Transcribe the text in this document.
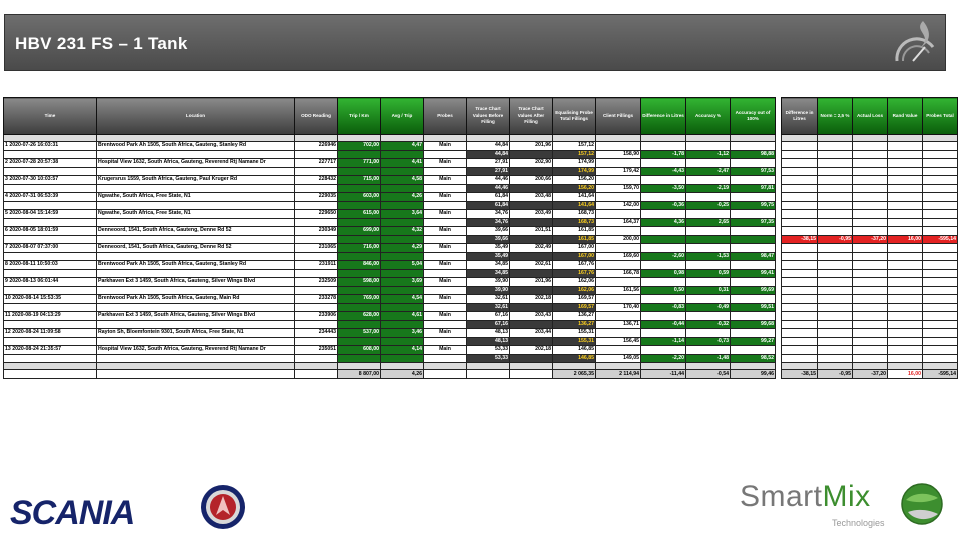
HBV 231 FS – 1 Tank
Time	Location	ODO Reading	Trip / Km	Avg / Trip	Probes	Trace Chart Values Before Filling	Trace Chart Values After Filling	Equalising Probe Total Fillings	Client Fillings	Difference in Litres	Accuracy %	Accuracy out of 100%

1 2020-07-26 16:03:31	Brentwood Park Ah 1505, South Africa, Gauteng, Stanley Rd	226946	702,00	4,47	Main	44,84	201,96	157,12				
						44,84		157,12	158,90	-1,78	-1,12	98,88
2 2020-07-28 20:57:38	Hospital View 1632, South Africa, Gauteng, Reverend Rtj Namane Dr	227717	771,00	4,41	Main	27,91	202,90	174,99				
						27,91		174,99	179,42	-4,43	-2,47	97,53
3 2020-07-30 10:03:57	Krugersrus 1559, South Africa, Gauteng, Paul Kruger Rd	228432	715,00	4,58	Main	44,46	200,66	156,20				
						44,46		156,20	159,70	-3,50	-2,19	97,81
4 2020-07-31 06:53:39	Ngwathe, South Africa, Free State, N1	229035	603,00	4,26	Main	61,84	203,48	141,64				
						61,84		141,64	142,00	-0,36	-0,25	99,75
5 2020-08-04 15:14:59	Ngwathe, South Africa, Free State, N1	229650	615,00	3,64	Main	34,76	203,49	168,73				
						34,76		168,73	164,37	4,36	2,65	97,35
6 2020-08-05 18:01:59	Denneoord, 1541, South Africa, Gauteng, Denne Rd 52	230349	699,00	4,32	Main	39,66	201,51	161,85				
						39,66		161,85	200,00			
7 2020-08-07 07:37:00	Denneoord, 1541, South Africa, Gauteng, Denne Rd 52	231065	716,00	4,29	Main	35,49	202,49	167,00				
						35,49		167,00	169,60	-2,60	-1,53	98,47
8 2020-08-11 10:50:03	Brentwood Park Ah 1505, South Africa, Gauteng, Stanley Rd	231911	846,00	5,04	Main	34,85	202,61	167,76				
						34,85		167,76	166,78	0,98	0,59	99,41
9 2020-08-13 06:01:44	Parkhaven Ext 3 1459, South Africa, Gauteng, Silver Wings Blvd	232509	598,00	3,69	Main	39,90	201,96	162,06				
						39,90		162,06	161,56	0,50	0,31	99,69
10 2020-08-14 15:53:35	Brentwood Park Ah 1505, South Africa, Gauteng, Main Rd	233278	769,00	4,54	Main	32,61	202,18	169,57				
						32,61		169,57	170,40	-0,83	-0,49	99,51
11 2020-08-19 04:13:29	Parkhaven Ext 3 1459, South Africa, Gauteng, Silver Wings Blvd	233906	628,00	4,61	Main	67,16	203,43	136,27				
						67,16		136,27	136,71	-0,44	-0,32	99,68
12 2020-08-24 11:09:58	Rayton Sh, Bloemfontein 9301, South Africa, Free State, N1	234443	537,00	3,46	Main	48,13	203,44	155,31				
						48,13		155,31	156,45	-1,14	-0,73	99,27
13 2020-08-24 21:35:57	Hospital View 1632, South Africa, Gauteng, Reverend Rtj Namane Dr	235051	608,00	4,14	Main	53,33	202,18	146,85				
						53,33		146,85	149,05	-2,20	-1,48	98,52

			8 807,00	4,26				2 065,35	2 114,94	-11,44	-0,54	99,46
Difference in Litres	Norm = 2,5 %	Actual Loss	Rand Value	Probes Total

-38,15	-0,95	-37,20	16,00	-595,14

-38,15	-0,95	-37,20	16,00	-595,14
SCANIA	SmartMix
Technologies
